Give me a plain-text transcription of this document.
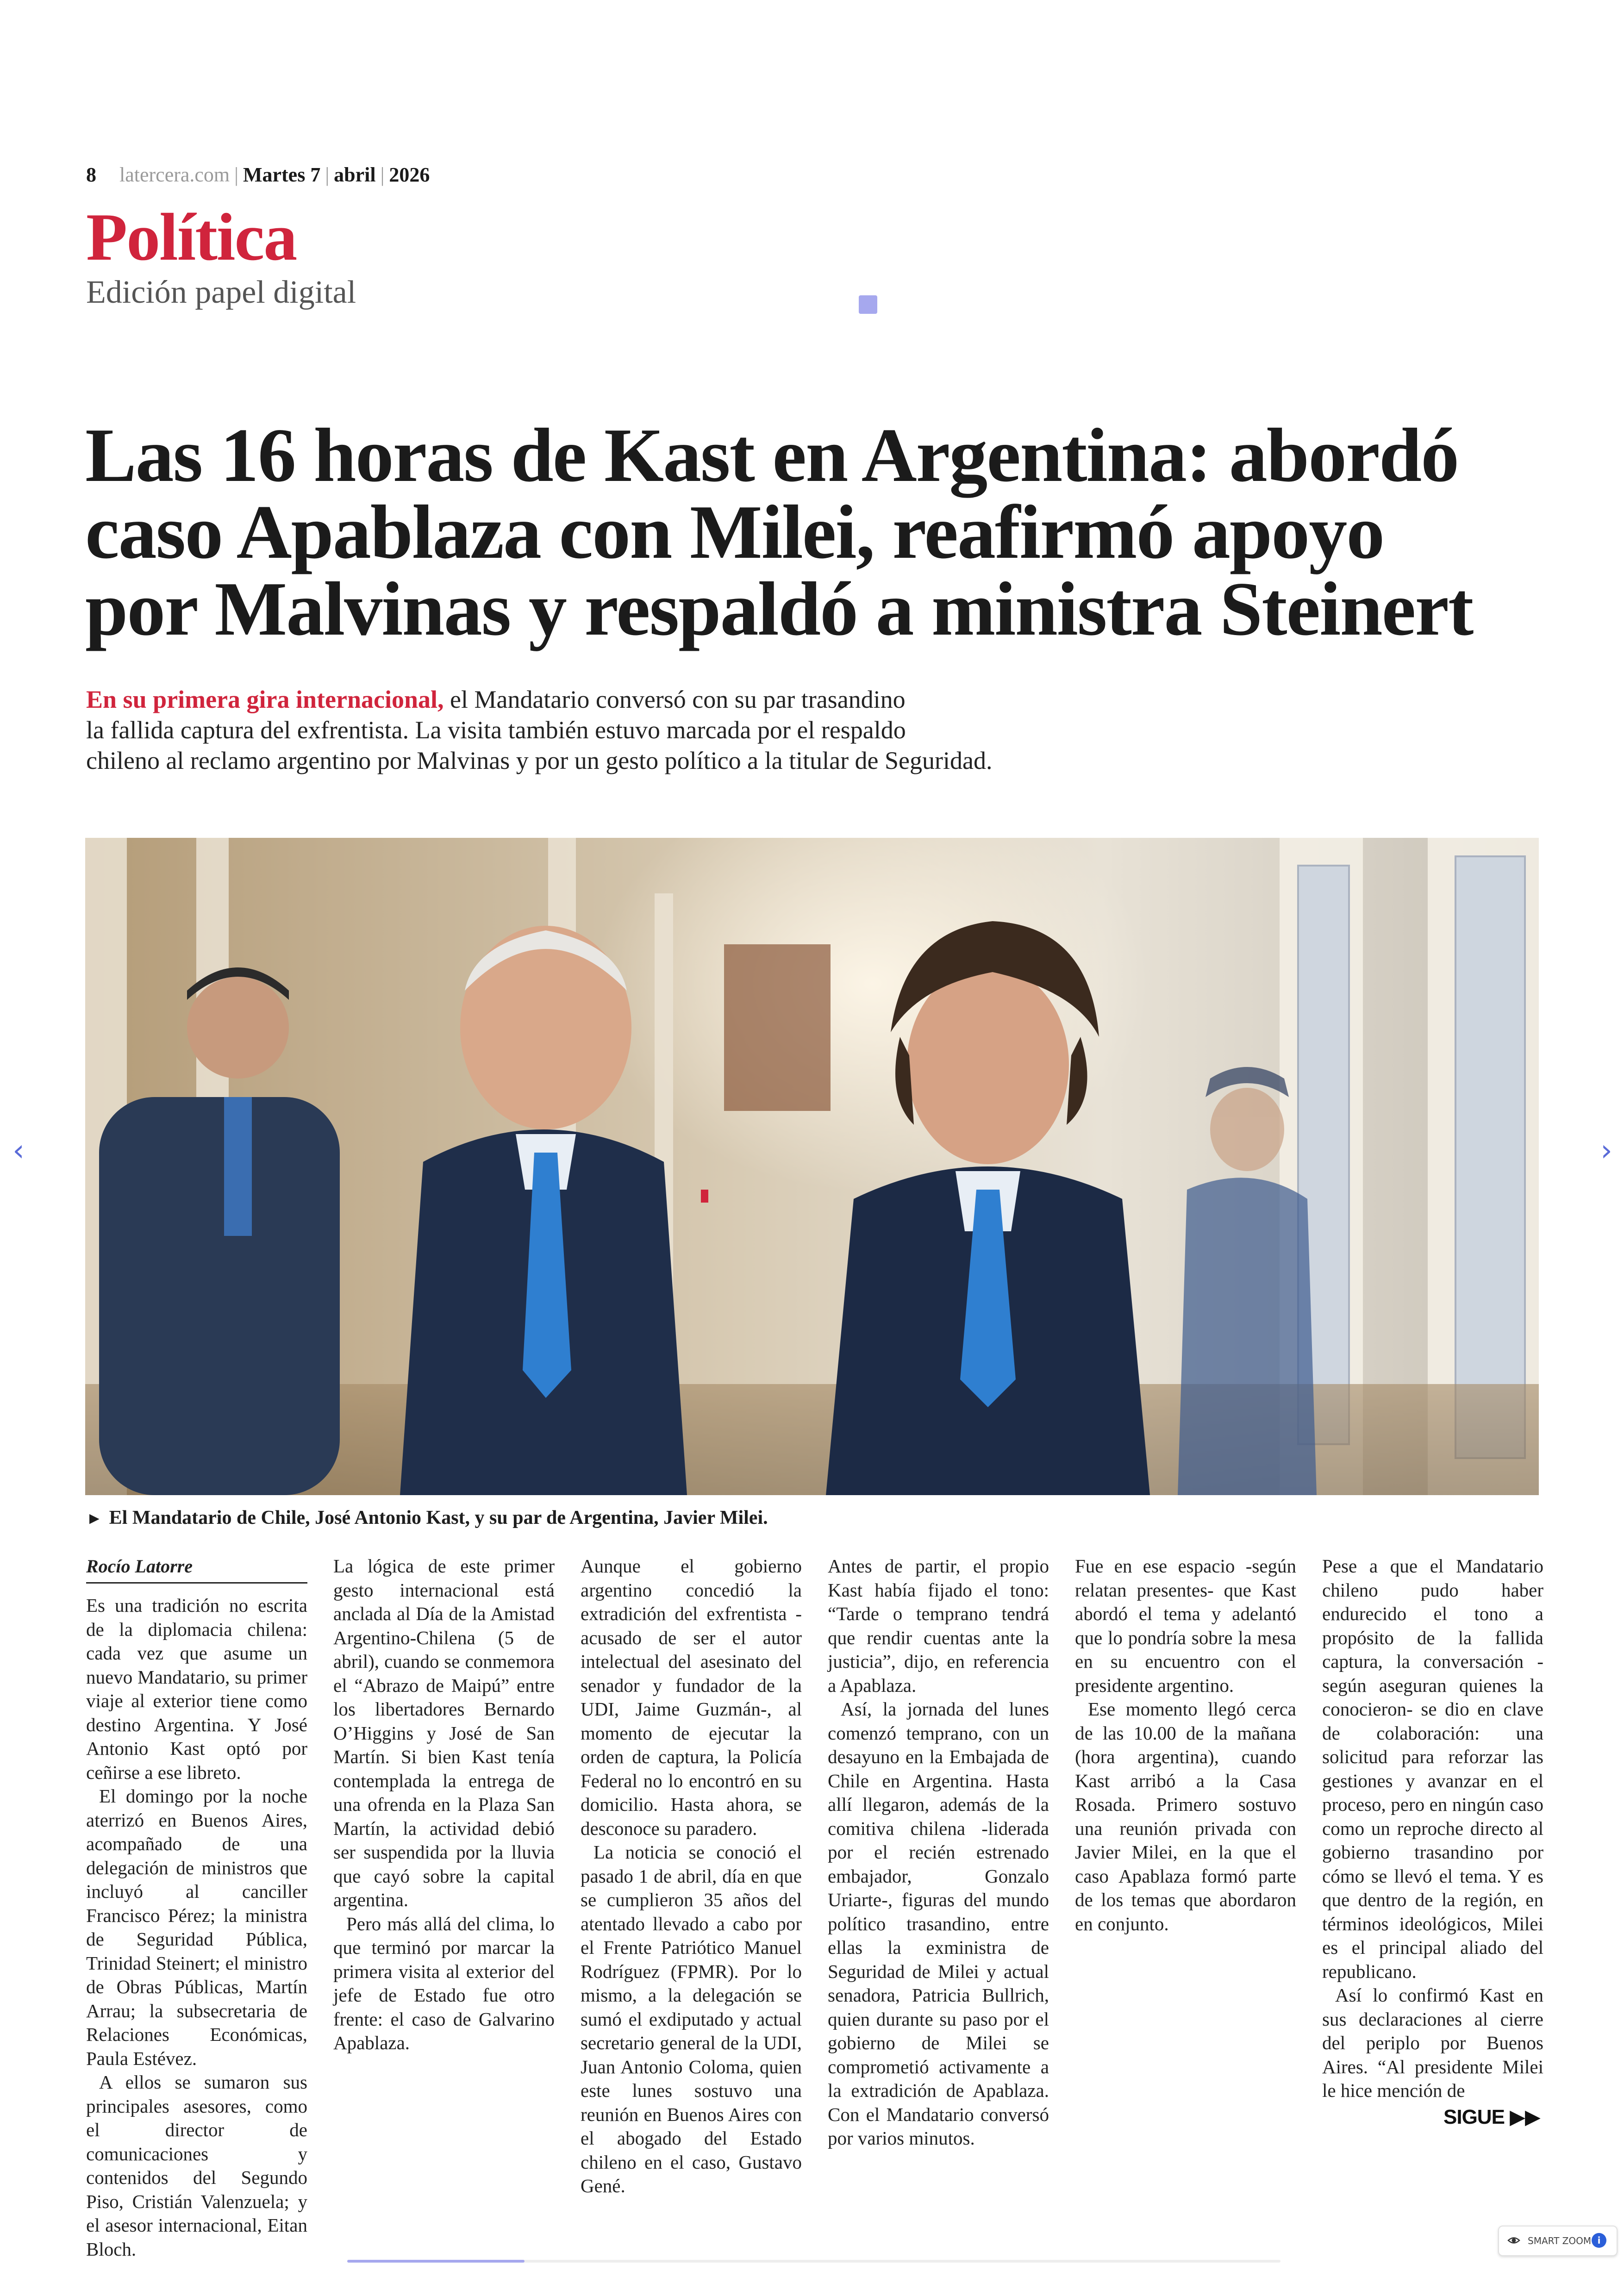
8 latercera.com | Martes 7 | abril | 2026
Política
Edición papel digital
Las 16 horas de Kast en Argentina: abordó
caso Apablaza con Milei, reafirmó apoyo
por Malvinas y respaldó a ministra Steinert
En su primera gira internacional, el Mandatario conversó con su par trasandino
la fallida captura del exfrentista. La visita también estuvo marcada por el respaldo
chileno al reclamo argentino por Malvinas y por un gesto político a la titular de Seguridad.
► El Mandatario de Chile, José Antonio Kast, y su par de Argentina, Javier Milei.
Rocío Latorre

Es una tradición no escrita de la diplomacia chilena: cada vez que asume un nuevo Mandatario, su primer viaje al exterior tiene como destino Argentina. Y José Antonio Kast optó por ceñirse a ese libreto.

El domingo por la noche aterrizó en Buenos Aires, acompañado de una delegación de ministros que incluyó al canciller Francisco Pérez; la ministra de Seguridad Pública, Trinidad Steinert; el ministro de Obras Públicas, Martín Arrau; la subsecretaria de Relaciones Económicas, Paula Estévez.

A ellos se sumaron sus principales asesores, como el director de comunicaciones y contenidos del Segundo Piso, Cristián Valenzuela; y el asesor internacional, Eitan Bloch.

La lógica de este primer gesto internacional está anclada al Día de la Amistad Argentino-Chilena (5 de abril), cuando se conmemora el “Abrazo de Maipú” entre los libertadores Bernardo O’Higgins y José de San Martín. Si bien Kast tenía contemplada la entrega de una ofrenda en la Plaza San Martín, la actividad debió ser suspendida por la lluvia que cayó sobre la capital argentina.

Pero más allá del clima, lo que terminó por marcar la primera visita al exterior del jefe de Estado fue otro frente: el caso de Galvarino Apablaza.

Aunque el gobierno argentino concedió la extradición del exfrentista -acusado de ser el autor intelectual del asesinato del senador y fundador de la UDI, Jaime Guzmán-, al momento de ejecutar la orden de captura, la Policía Federal no lo encontró en su domicilio. Hasta ahora, se desconoce su paradero.

La noticia se conoció el pasado 1 de abril, día en que se cumplieron 35 años del atentado llevado a cabo por el Frente Patriótico Manuel Rodríguez (FPMR). Por lo mismo, a la delegación se sumó el exdiputado y actual secretario general de la UDI, Juan Antonio Coloma, quien este lunes sostuvo una reunión en Buenos Aires con el abogado del Estado chileno en el caso, Gustavo Gené.

Antes de partir, el propio Kast había fijado el tono: “Tarde o temprano tendrá que rendir cuentas ante la justicia”, dijo, en referencia a Apablaza.

Así, la jornada del lunes comenzó temprano, con un desayuno en la Embajada de Chile en Argentina. Hasta allí llegaron, además de la comitiva chilena -liderada por el recién estrenado embajador, Gonzalo Uriarte-, figuras del mundo político trasandino, entre ellas la exministra de Seguridad de Milei y actual senadora, Patricia Bullrich, quien durante su paso por el gobierno de Milei se comprometió activamente a la extradición de Apablaza. Con el Mandatario conversó por varios minutos.

Fue en ese espacio -según relatan presentes- que Kast abordó el tema y adelantó que lo pondría sobre la mesa en su encuentro con el presidente argentino.

Ese momento llegó cerca de las 10.00 de la mañana (hora argentina), cuando Kast arribó a la Casa Rosada. Primero sostuvo una reunión privada con Javier Milei, en la que el caso Apablaza formó parte de los temas que abordaron en conjunto.

Pese a que el Mandatario chileno pudo haber endurecido el tono a propósito de la fallida captura, la conversación -según aseguran quienes la conocieron- se dio en clave de colaboración: una solicitud para reforzar las gestiones y avanzar en el proceso, pero en ningún caso como un reproche directo al gobierno trasandino por cómo se llevó el tema. Y es que dentro de la región, en términos ideológicos, Milei es el principal aliado del republicano.

Así lo confirmó Kast en sus declaraciones al cierre del periplo por Buenos Aires. “Al presidente Milei le hice mención de

SIGUE ▶▶
‹	›
SMART ZOOM i
